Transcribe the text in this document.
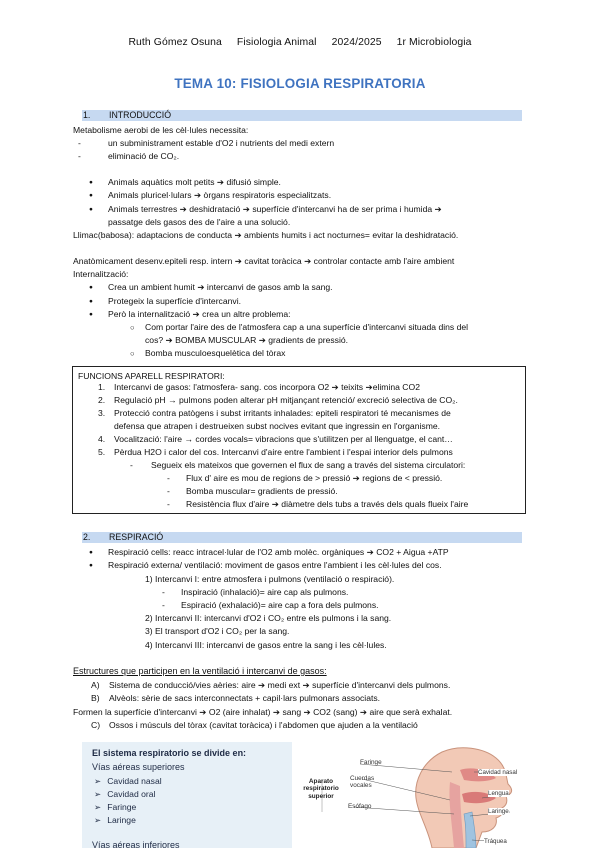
Ruth Gómez Osuna Fisiologia Animal 2024/2025 1r Microbiologia
TEMA 10: FISIOLOGIA RESPIRATORIA
1. INTRODUCCIÓ
Metabolisme aerobi de les cèl·lules necessita:
- un subministrament estable d'O2 i nutrients del medi extern
- eliminació de CO₂.
● Animals aquàtics molt petits ➔ difusió simple.
● Animals pluricel·lulars ➔ òrgans respiratoris especialitzats.
● Animals terrestres ➔ deshidratació ➔ superfície d'intercanvi ha de ser prima i humida ➔
passatge dels gasos des de l'aire a una solució.
Llimac(babosa): adaptacions de conducta ➔ ambients humits i act nocturnes= evitar la deshidratació.
Anatòmicament desenv.epiteli resp. intern ➔ cavitat toràcica ➔ controlar contacte amb l'aire ambient
Internalització:
● Crea un ambient humit ➔ intercanvi de gasos amb la sang.
● Protegeix la superfície d'intercanvi.
● Però la internalització ➔ crea un altre problema:
○ Com portar l'aire des de l'atmosfera cap a una superfície d'intercanvi situada dins del
cos? ➔ BOMBA MUSCULAR ➔ gradients de pressió.
○ Bomba musculoesquelètica del tòrax
FUNCIONS APARELL RESPIRATORI:
1. Intercanvi de gasos: l'atmosfera- sang. cos incorpora O2 ➔ teixits ➔elimina CO2
2. Regulació pH → pulmons poden alterar pH mitjançant retenció/ excreció selectiva de CO₂.
3. Protecció contra patògens i subst irritants inhalades: epiteli respiratori té mecanismes de
defensa que atrapen i destrueixen subst nocives evitant que ingressin en l'organisme.
4. Vocalització: l'aire → cordes vocals= vibracions que s'utilitzen per al llenguatge, el cant…
5. Pèrdua H2O i calor del cos. Intercanvi d'aire entre l'ambient i l'espai interior dels pulmons
- Segueix els mateixos que governen el flux de sang a través del sistema circulatori:
- Flux d' aire es mou de regions de > pressió ➔ regions de < pressió.
- Bomba muscular= gradients de pressió.
- Resistència flux d'aire ➔ diàmetre dels tubs a través dels quals flueix l'aire
2. RESPIRACIÓ
● Respiració cells: reacc intracel·lular de l'O2 amb molèc. orgàniques ➔ CO2 + Aigua +ATP
● Respiració externa/ ventilació: moviment de gasos entre l'ambient i les cèl·lules del cos.
1) Intercanvi I: entre atmosfera i pulmons (ventilació o respiració).
- Inspiració (inhalació)= aire cap als pulmons.
- Espiració (exhalació)= aire cap a fora dels pulmons.
2) Intercanvi II: intercanvi d'O2 i CO₂ entre els pulmons i la sang.
3) El transport d'O2 i CO₂ per la sang.
4) Intercanvi III: intercanvi de gasos entre la sang i les cèl·lules.
Estructures que participen en la ventilació i intercanvi de gasos:
A) Sistema de conducció/vies aèries: aire ➔ medi ext ➔ superfície d'intercanvi dels pulmons.
B) Alvèols: sèrie de sacs interconnectats + capil·lars pulmonars associats.
Formen la superfície d'intercanvi ➔ O2 (aire inhalat) ➔ sang ➔ CO2 (sang) ➔ aire que serà exhalat.
C) Ossos i músculs del tòrax (cavitat toràcica) i l'abdomen que ajuden a la ventilació
El sistema respiratorio se divide en:
Vías aéreas superiores
➢ Cavidad nasal
➢ Cavidad oral
➢ Faringe
➢ Laringe
Vías aéreas inferiores
Aparato
respiratorio
superior
Faringe
Cuerdas vocales
Esófago
Cavidad nasal
Lengua
Laringe
Tráquea
